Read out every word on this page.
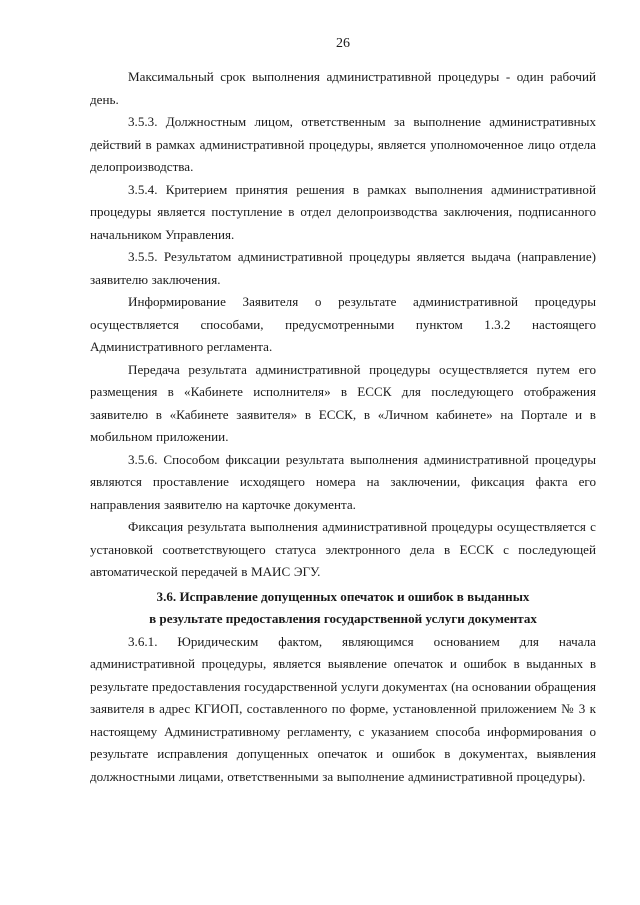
26

Максимальный срок выполнения административной процедуры - один рабочий день.

3.5.3. Должностным лицом, ответственным за выполнение административных действий в рамках административной процедуры, является уполномоченное лицо отдела делопроизводства.

3.5.4. Критерием принятия решения в рамках выполнения административной процедуры является поступление в отдел делопроизводства заключения, подписанного начальником Управления.

3.5.5. Результатом административной процедуры является выдача (направление) заявителю заключения.

Информирование Заявителя о результате административной процедуры осуществляется способами, предусмотренными пунктом 1.3.2 настоящего Административного регламента.

Передача результата административной процедуры осуществляется путем его размещения в «Кабинете исполнителя» в ЕССК для последующего отображения заявителю в «Кабинете заявителя» в ЕССК, в «Личном кабинете» на Портале и в мобильном приложении.

3.5.6. Способом фиксации результата выполнения административной процедуры являются проставление исходящего номера на заключении, фиксация факта его направления заявителю на карточке документа.

Фиксация результата выполнения административной процедуры осуществляется с установкой соответствующего статуса электронного дела в ЕССК с последующей автоматической передачей в МАИС ЭГУ.

3.6. Исправление допущенных опечаток и ошибок в выданных
в результате предоставления государственной услуги документах

3.6.1. Юридическим фактом, являющимся основанием для начала административной процедуры, является выявление опечаток и ошибок в выданных в результате предоставления государственной услуги документах (на основании обращения заявителя в адрес КГИОП, составленного по форме, установленной приложением № 3 к настоящему Административному регламенту, с указанием способа информирования о результате исправления допущенных опечаток и ошибок в документах, выявления должностными лицами, ответственными за выполнение административной процедуры).
